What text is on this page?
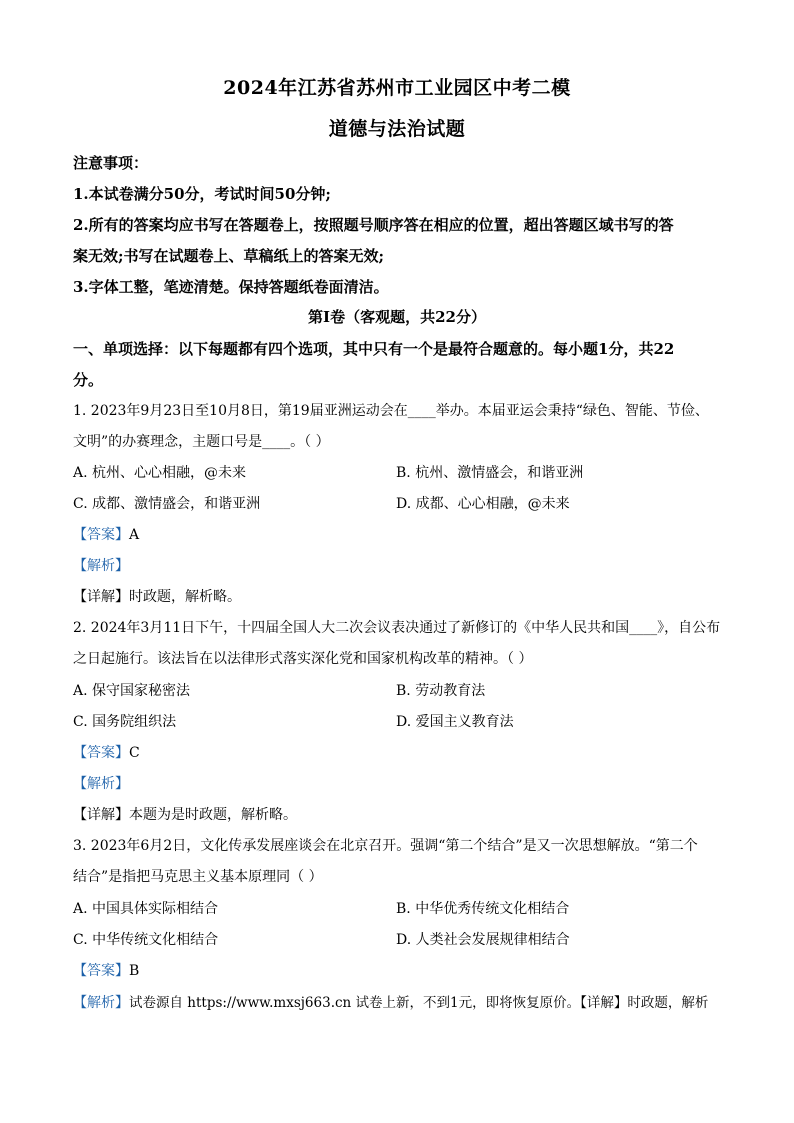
2024年江苏省苏州市工业园区中考二模
道德与法治试题
注意事项：
1.本试卷满分50分，考试时间50分钟;
2.所有的答案均应书写在答题卷上，按照题号顺序答在相应的位置，超出答题区域书写的答
案无效;书写在试题卷上、草稿纸上的答案无效;
3.字体工整，笔迹清楚。保持答题纸卷面清洁。
第Ⅰ卷（客观题，共22分）
一、单项选择：以下每题都有四个选项，其中只有一个是最符合题意的。每小题1分，共22
分。
1. 2023年9月23日至10月8日，第19届亚洲运动会在____举办。本届亚运会秉持“绿色、智能、节俭、
文明”的办赛理念，主题口号是____。（ ）
A. 杭州、心心相融，@未来	B. 杭州、激情盛会，和谐亚洲
C. 成都、激情盛会，和谐亚洲	D. 成都、心心相融，@未来
【答案】A
【解析】
【详解】时政题，解析略。
2. 2024年3月11日下午，十四届全国人大二次会议表决通过了新修订的《中华人民共和国____》，自公布
之日起施行。该法旨在以法律形式落实深化党和国家机构改革的精神。（ ）
A. 保守国家秘密法	B. 劳动教育法
C. 国务院组织法	D. 爱国主义教育法
【答案】C
【解析】
【详解】本题为是时政题，解析略。
3. 2023年6月2日，文化传承发展座谈会在北京召开。强调“第二个结合”是又一次思想解放。“第二个
结合”是指把马克思主义基本原理同（ ）
A. 中国具体实际相结合	B. 中华优秀传统文化相结合
C. 中华传统文化相结合	D. 人类社会发展规律相结合
【答案】B
【解析】试卷源自 https://www.mxsj663.cn 试卷上新，不到1元，即将恢复原价。【详解】时政题，解析
